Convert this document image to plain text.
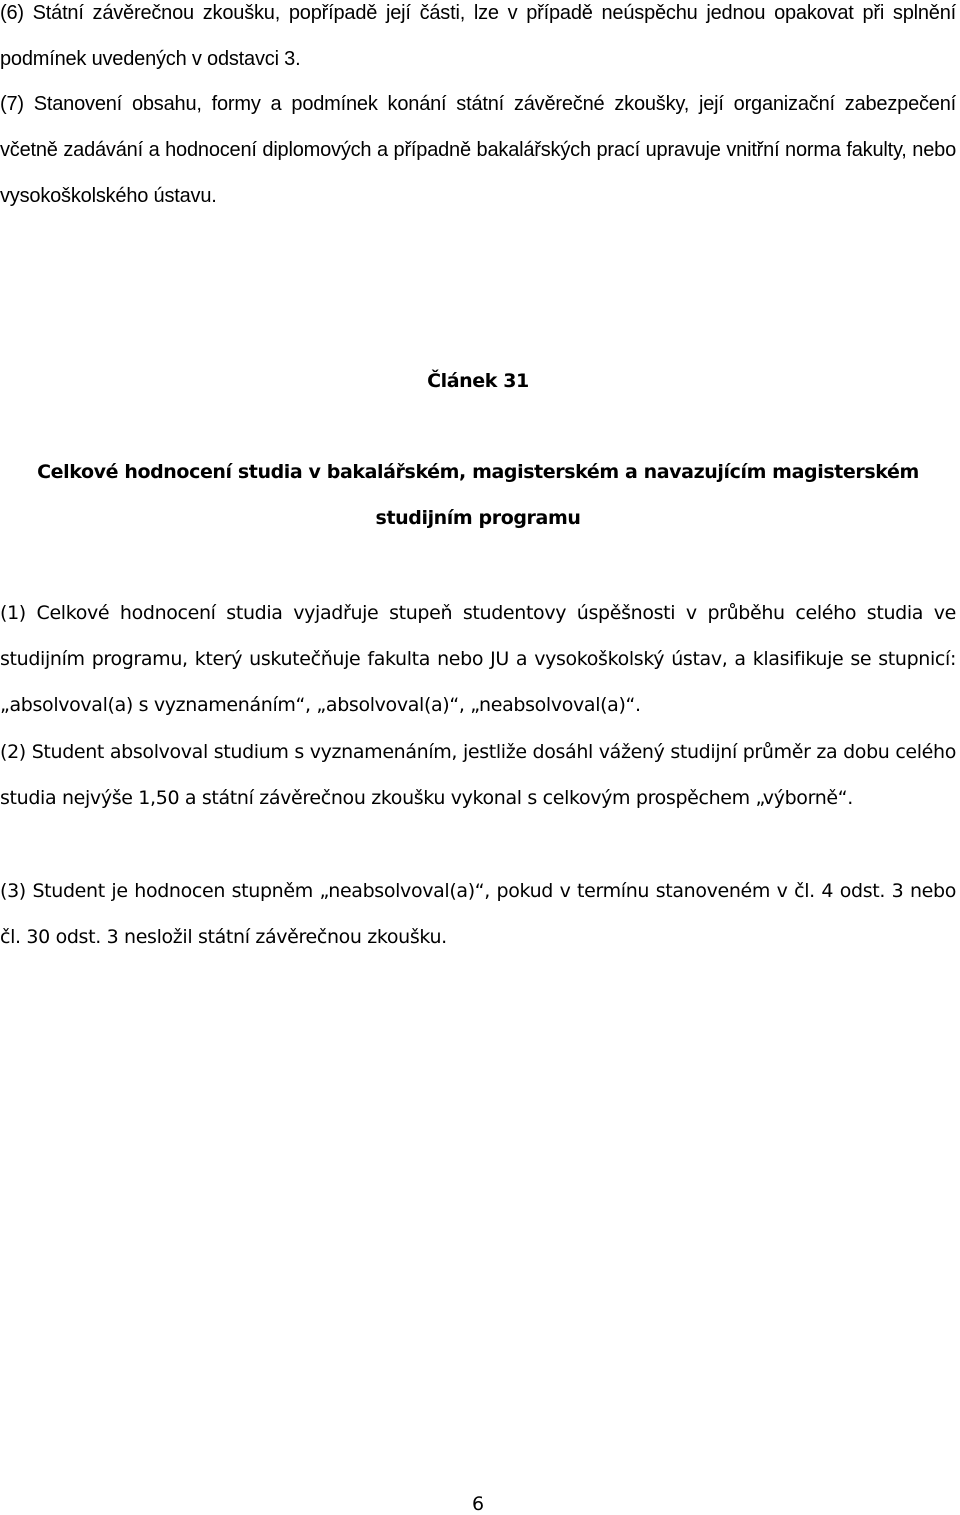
(6) Státní závěrečnou zkoušku, popřípadě její části, lze v případě neúspěchu jednou opakovat při splnění podmínek uvedených v odstavci 3.

(7) Stanovení obsahu, formy a podmínek konání státní závěrečné zkoušky, její organizační zabezpečení včetně zadávání a hodnocení diplomových a případně bakalářských prací upravuje vnitřní norma fakulty, nebo vysokoškolského ústavu.

Článek 31
Celkové hodnocení studia v bakalářském, magisterském a navazujícím magisterském studijním programu

(1) Celkové hodnocení studia vyjadřuje stupeň studentovy úspěšnosti v průběhu celého studia ve studijním programu, který uskutečňuje fakulta nebo JU a vysokoškolský ústav, a klasifikuje se stupnicí: „absolvoval(a) s vyznamenáním“, „absolvoval(a)“, „neabsolvoval(a)“.

(2) Student absolvoval studium s vyznamenáním, jestliže dosáhl vážený studijní průměr za dobu celého studia nejvýše 1,50 a státní závěrečnou zkoušku vykonal s celkovým prospěchem „výborně“.

(3) Student je hodnocen stupněm „neabsolvoval(a)“, pokud v termínu stanoveném v čl. 4 odst. 3 nebo čl. 30 odst. 3 nesložil státní závěrečnou zkoušku.

6
